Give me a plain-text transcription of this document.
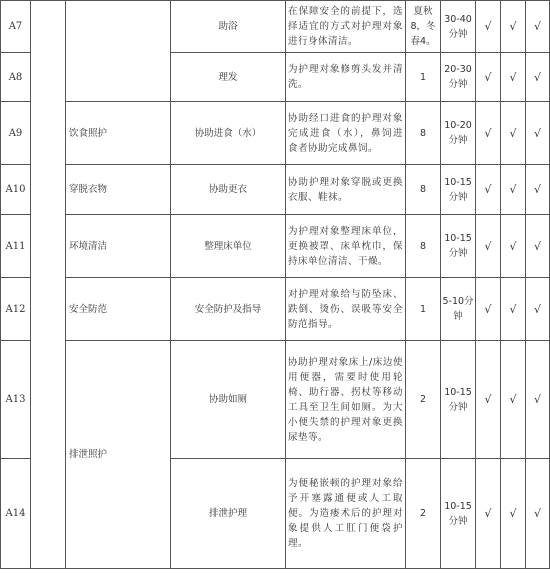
A7			助浴	在保障安全的前提下，选择适宜的方式对护理对象进行身体清洁。	夏秋8，冬春4。	30-40分钟	√	√	√
A8			理发	为护理对象修剪头发并清洗。	1	20-30分钟	√	√	√
A9		饮食照护	协助进食（水）	协助经口进食的护理对象完成进食（水），鼻饲进食者协助完成鼻饲。	8	10-20分钟	√	√	√
A10		穿脱衣物	协助更衣	协助护理对象穿脱或更换衣服、鞋袜。	8	10-15分钟	√	√	√
A11		环境清洁	整理床单位	为护理对象整理床单位，更换被罩、床单枕巾，保持床单位清洁、干燥。	8	10-15分钟	√	√	√
A12		安全防范	安全防护及指导	对护理对象给与防坠床、跌倒、烫伤、误吸等安全防范指导。	1	5-10分钟	√	√	√
A13		排泄照护	协助如厕	协助护理对象床上/床边使用便器，需要时使用轮椅、助行器、拐杖等移动工具至卫生间如厕。为大小便失禁的护理对象更换尿垫等。	2	10-15分钟	√	√	√
A14			排泄护理	为便秘嵌顿的护理对象给予开塞露通便或人工取便。为造瘘术后的护理对象提供人工肛门便袋护理。	2	10-15分钟	√	√	√
